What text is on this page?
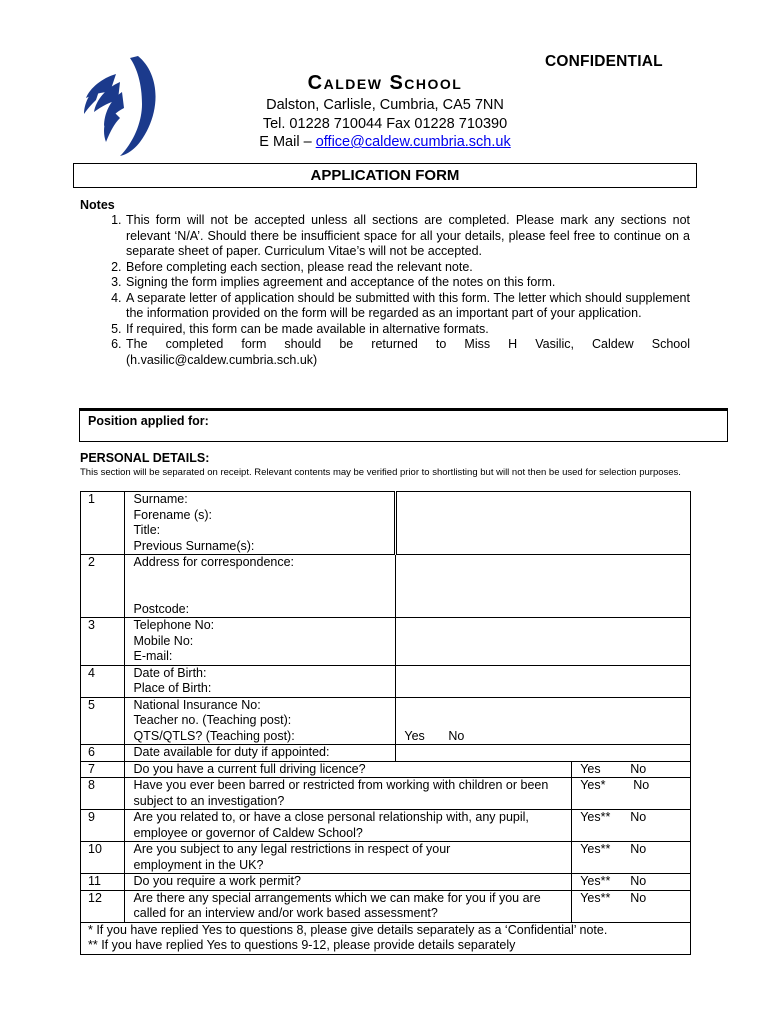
CONFIDENTIAL
Caldew School
Dalston, Carlisle, Cumbria, CA5 7NN
Tel. 01228 710044 Fax 01228 710390
E Mail – office@caldew.cumbria.sch.uk
APPLICATION FORM
Notes
1. This form will not be accepted unless all sections are completed. Please mark any sections not relevant ‘N/A’. Should there be insufficient space for all your details, please feel free to continue on a separate sheet of paper. Curriculum Vitae’s will not be accepted.
2. Before completing each section, please read the relevant note.
3. Signing the form implies agreement and acceptance of the notes on this form.
4. A separate letter of application should be submitted with this form. The letter which should supplement the information provided on the form will be regarded as an important part of your application.
5. If required, this form can be made available in alternative formats.
6. The completed form should be returned to Miss H Vasilic, Caldew School (h.vasilic@caldew.cumbria.sch.uk)
Position applied for:
PERSONAL DETAILS:
This section will be separated on receipt. Relevant contents may be verified prior to shortlisting but will not then be used for selection purposes.
1	Surname:
Forename (s):
Title:
Previous Surname(s):		

2	Address for correspondence:
Postcode:		

3	Telephone No:
Mobile No:
E-mail:		

4	Date of Birth:
Place of Birth:		

5	National Insurance No:
Teacher no. (Teaching post):
QTS/QTLS? (Teaching post):	Yes No	
6	Date available for duty if appointed:		
7	Do you have a current full driving licence?		Yes No
8	Have you ever been barred or restricted from working with children or been subject to an investigation?		Yes* No
9	Are you related to, or have a close personal relationship with, any pupil, employee or governor of Caldew School?		Yes** No
10	Are you subject to any legal restrictions in respect of your employment in the UK?		Yes** No
11	Do you require a work permit?		Yes** No
12	Are there any special arrangements which we can make for you if you are called for an interview and/or work based assessment?		Yes** No

* If you have replied Yes to questions 8, please give details separately as a ‘Confidential’ note.
** If you have replied Yes to questions 9-12, please provide details separately			
